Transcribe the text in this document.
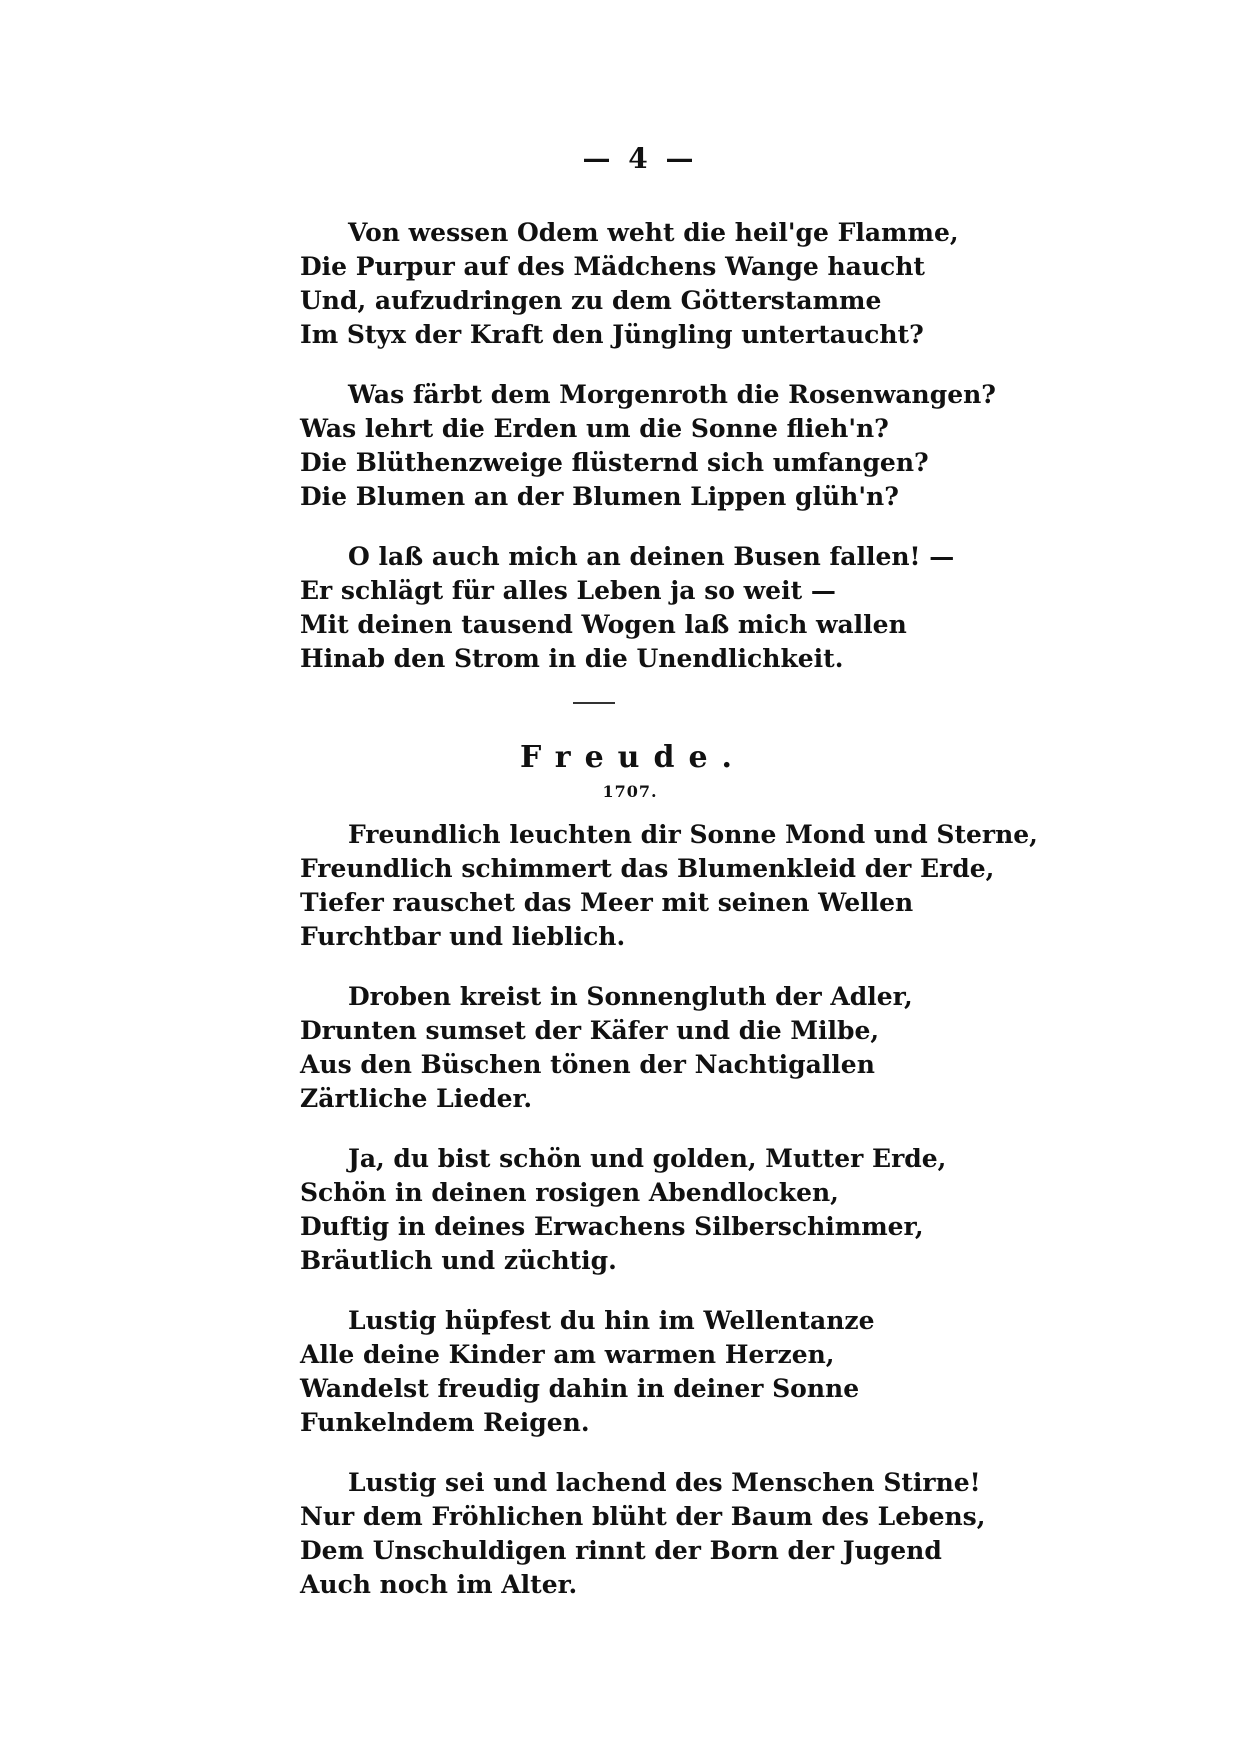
— 4 —
Von wessen Odem weht die heil'ge Flamme,
Die Purpur auf des Mädchens Wange haucht
Und, aufzudringen zu dem Götterstamme
Im Styx der Kraft den Jüngling untertaucht?
Was färbt dem Morgenroth die Rosenwangen?
Was lehrt die Erden um die Sonne flieh'n?
Die Blüthenzweige flüsternd sich umfangen?
Die Blumen an der Blumen Lippen glüh'n?
O laß auch mich an deinen Busen fallen! —
Er schlägt für alles Leben ja so weit —
Mit deinen tausend Wogen laß mich wallen
Hinab den Strom in die Unendlichkeit.
Freude.
1707.
Freundlich leuchten dir Sonne Mond und Sterne,
Freundlich schimmert das Blumenkleid der Erde,
Tiefer rauschet das Meer mit seinen Wellen
Furchtbar und lieblich.
Droben kreist in Sonnengluth der Adler,
Drunten sumset der Käfer und die Milbe,
Aus den Büschen tönen der Nachtigallen
Zärtliche Lieder.
Ja, du bist schön und golden, Mutter Erde,
Schön in deinen rosigen Abendlocken,
Duftig in deines Erwachens Silberschimmer,
Bräutlich und züchtig.
Lustig hüpfest du hin im Wellentanze
Alle deine Kinder am warmen Herzen,
Wandelst freudig dahin in deiner Sonne
Funkelndem Reigen.
Lustig sei und lachend des Menschen Stirne!
Nur dem Fröhlichen blüht der Baum des Lebens,
Dem Unschuldigen rinnt der Born der Jugend
Auch noch im Alter.
